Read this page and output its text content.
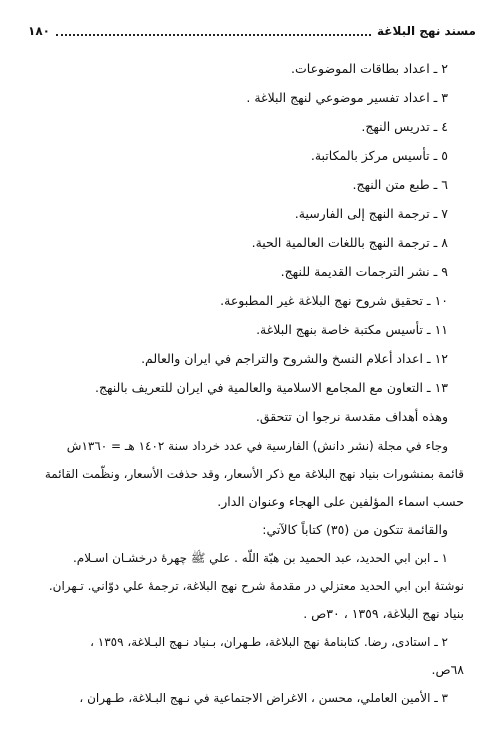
مسند نهج البلاغة
١٨٠
٢ ـ اعداد بطاقات الموضوعات.
٣ ـ اعداد تفسير موضوعي لنهج البلاغة .
٤ ـ تدريس النهج.
٥ ـ تأسيس مركز بالمكاتبة.
٦ ـ طبع متن النهج.
٧ ـ ترجمة النهج إلى الفارسية.
٨ ـ ترجمة النهج باللغات العالمية الحية.
٩ ـ نشر الترجمات القديمة للنهج.
١٠ ـ تحقيق شروح نهج البلاغة غير المطبوعة.
١١ ـ تأسيس مكتبة خاصة بنهج البلاغة.
١٢ ـ اعداد أعلام النسخ والشروح والتراجم في ايران والعالم.
١٣ ـ التعاون مع المجامع الاسلامية والعالمية في ايران للتعريف بالنهج.
وهذه أهداف مقدسة نرجوا ان تتحقق.
وجاء في مجلة (نشر دانش) الفارسية في عدد خرداد سنة ١٤٠٢ هـ = ١٣٦٠ش
قائمة بمنشورات بنياد نهج البلاغة مع ذكر الأسعار، وقد حذفت الأسعار، ونظّمت القائمة
حسب اسماء المؤلفين على الهجاء وعنوان الدار.
والقائمة تتكون من (٣٥) كتاباً كالآتي:
١ ـ ابن ابي الحديد، عبد الحميد بن هبّة اللّه . علي ﷺ چهرهٔ درخشـان اسـلام.
نوشتهٔ ابن ابي الحديد معتزلي در مقدمهٔ شرح نهج البلاغة، ترجمهٔ علي دوّاني. تـهران.
بنياد نهج البلاغة، ١٣٥٩ ، ٣٠ص .
٢ ـ استادى، رضا. كتابنامهٔ نهج البلاغة، طـهران، بـنياد نـهج البـلاغة، ١٣٥٩ ،
٦٨ص.
٣ ـ الأمين العاملي، محسن ، الاغراض الاجتماعية في نـهج البـلاغة، طـهران ،
